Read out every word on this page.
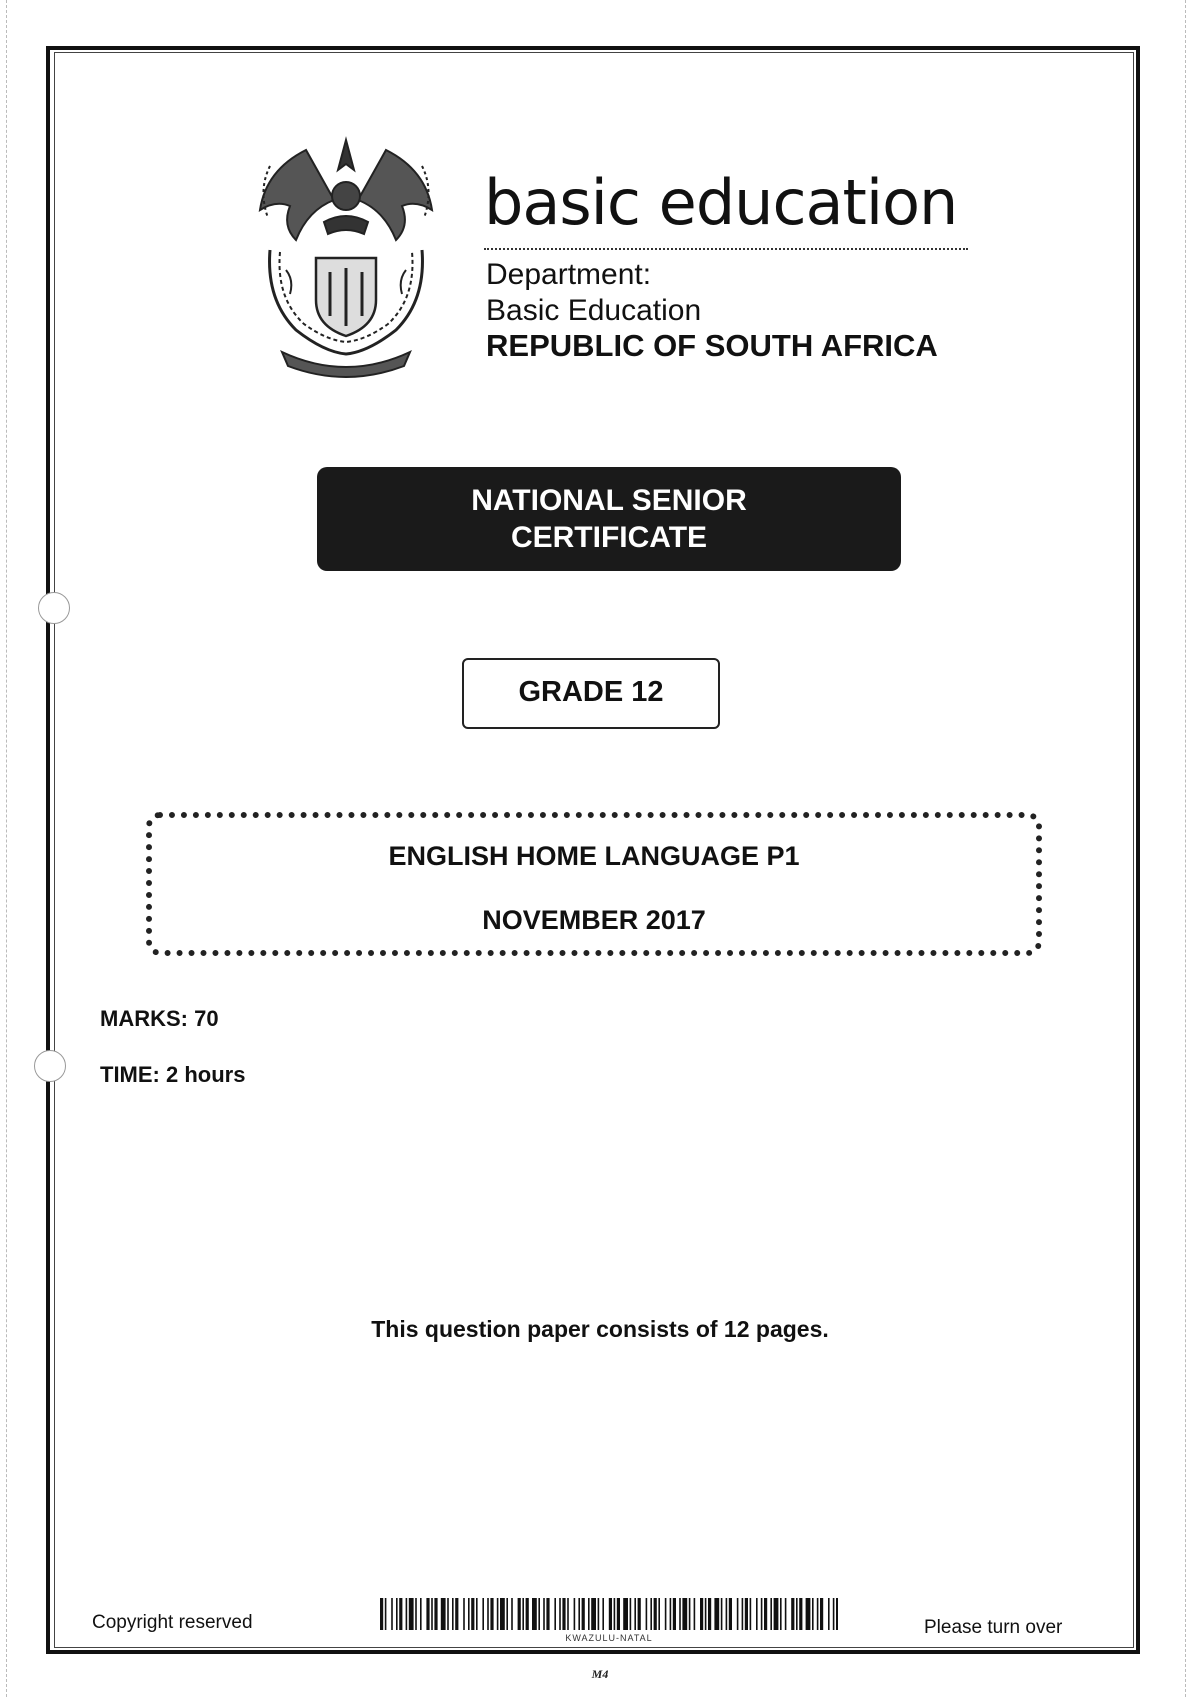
basic education
Department:
Basic Education
REPUBLIC OF SOUTH AFRICA
NATIONAL SENIOR
CERTIFICATE
GRADE 12
ENGLISH HOME LANGUAGE P1
NOVEMBER 2017
MARKS: 70
TIME: 2 hours
This question paper consists of 12 pages.
Copyright reserved
KWAZULU-NATAL	Please turn over
M4
